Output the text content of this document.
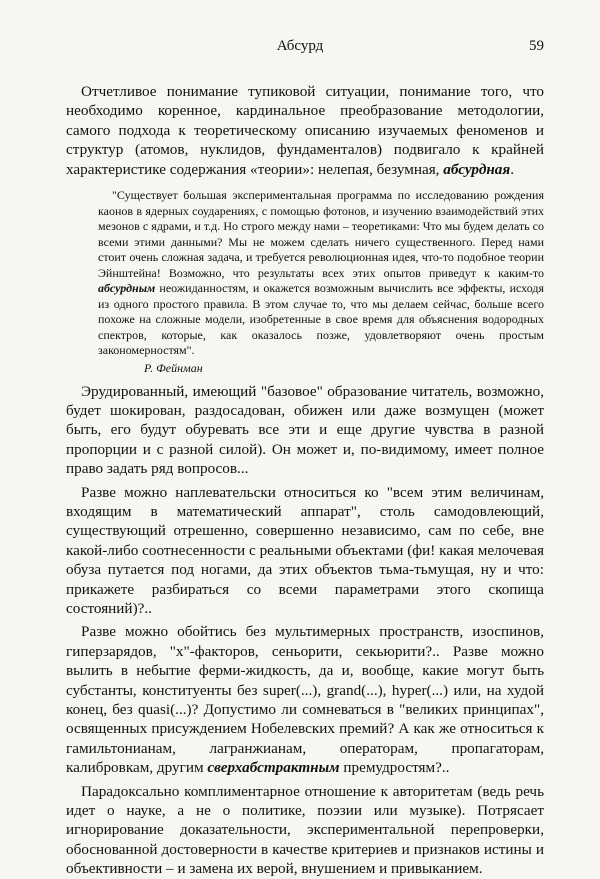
Абсурд	59

Отчетливое понимание тупиковой ситуации, понимание того, что необходимо коренное, кардинальное преобразование методологии, самого подхода к теоретическому описанию изучаемых феноменов и структур (атомов, нуклидов, фундаменталов) подвигало к крайней характеристике содержания «теории»: нелепая, безумная, абсурдная.

"Существует большая экспериментальная программа по исследованию рождения каонов в ядерных соударениях, с помощью фотонов, и изучению взаимодействий этих мезонов с ядрами, и т.д. Но строго между нами – теоретиками: Что мы будем делать со всеми этими данными? Мы не можем сделать ничего существенного. Перед нами стоит очень сложная задача, и требуется революционная идея, что-то подобное теории Эйнштейна! Возможно, что результаты всех этих опытов приведут к каким-то абсурдным неожиданностям, и окажется возможным вычислить все эффекты, исходя из одного простого правила. В этом случае то, что мы делаем сейчас, больше всего похоже на сложные модели, изобретенные в свое время для объяснения водородных спектров, которые, как оказалось позже, удовлетворяют очень простым закономерностям".
Р. Фейнман

Эрудированный, имеющий "базовое" образование читатель, возможно, будет шокирован, раздосадован, обижен или даже возмущен (может быть, его будут обуревать все эти и еще другие чувства в разной пропорции и с разной силой). Он может и, по-видимому, имеет полное право задать ряд вопросов...

Разве можно наплевательски относиться ко "всем этим величинам, входящим в математический аппарат", столь самодовлеющий, существующий отрешенно, совершенно независимо, сам по себе, вне какой-либо соотнесенности с реальными объектами (фи! какая мелочевая обуза путается под ногами, да этих объектов тьма-тьмущая, ну и что: прикажете разбираться со всеми параметрами этого скопища состояний)?..

Разве можно обойтись без мультимерных пространств, изоспинов, гиперзарядов, "х"-факторов, сеньорити, секьюрити?.. Разве можно вылить в небытие ферми-жидкость, да и, вообще, какие могут быть субстанты, конституенты без super(...), grand(...), hyper(...) или, на худой конец, без quasi(...)? Допустимо ли сомневаться в "великих принципах", освященных присуждением Нобелевских премий? А как же относиться к гамильтонианам, лагранжианам, операторам, пропагаторам, калибровкам, другим сверхабстрактным премудростям?..

Парадоксально комплиментарное отношение к авторитетам (ведь речь идет о науке, а не о политике, поэзии или музыке). Потрясает игнорирование доказательности, экспериментальной перепроверки, обоснованной достоверности в качестве критериев и признаков истины и объективности – и замена их верой, внушением и привыканием.
